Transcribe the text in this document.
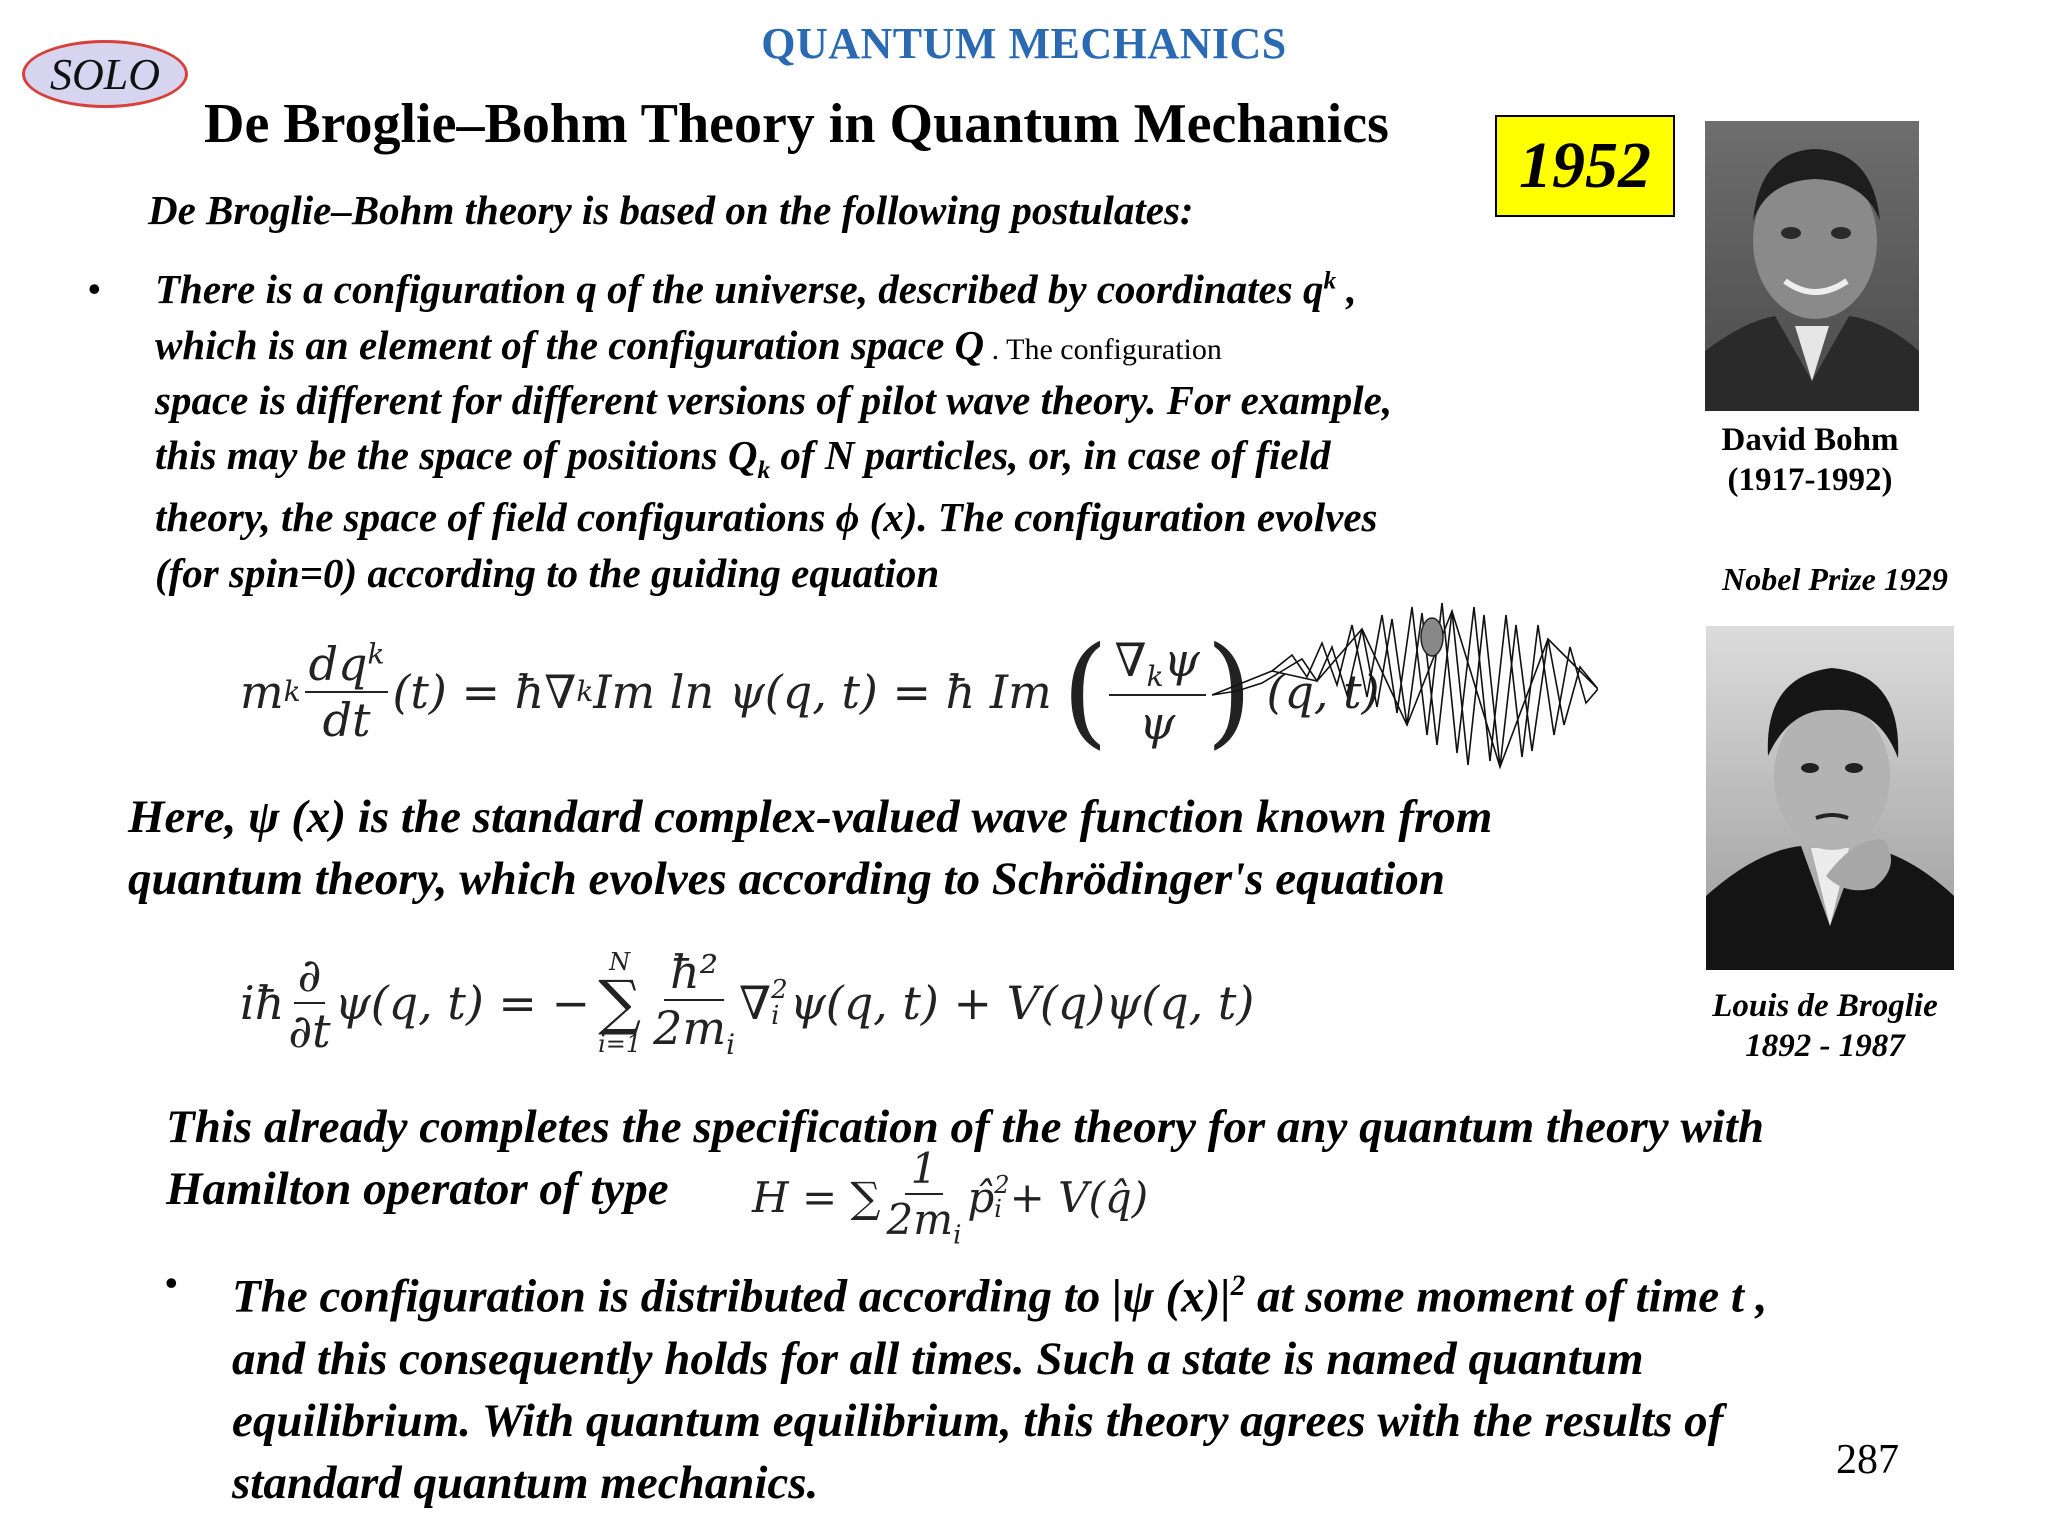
QUANTUM MECHANICS
SOLO
De Broglie–Bohm Theory in Quantum Mechanics
1952
De Broglie–Bohm theory is based on the following postulates:
• There is a configuration q of the universe, described by coordinates $q^k$ ,
which is an element of the configuration space Q . The configuration
space is different for different versions of pilot wave theory. For example,
this may be the space of positions $Q_k$ of N particles, or, in case of field
theory, the space of field configurations ϕ (x). The configuration evolves
(for spin=0) according to the guiding equation
m k
$dq^k$
dt
(t) = ħ∇ k Im ln ψ(q, t) = ħ Im ( $\nabla_k\psi$
ψ ) (q, t)
Here, ψ (x) is the standard complex-valued wave function known from
quantum theory, which evolves according to Schrödinger's equation
iħ
∂
∂t
ψ(q, t) = −
N
∑
i=1
ħ²
$2m_i$
∇ 2
i ψ(q, t) + V(q)ψ(q, t)
This already completes the specification of the theory for any quantum theory with
Hamilton operator of type	H = ∑
1
$2m_i$
p̂ 2
i + V(q̂)
• The configuration is distributed according to |ψ $(x)|^2$ at some moment of time t ,
and this consequently holds for all times. Such a state is named quantum
equilibrium. With quantum equilibrium, this theory agrees with the results of
standard quantum mechanics.	287
David Bohm
(1917-1992)
Nobel Prize 1929
Louis de Broglie
1892 - 1987
